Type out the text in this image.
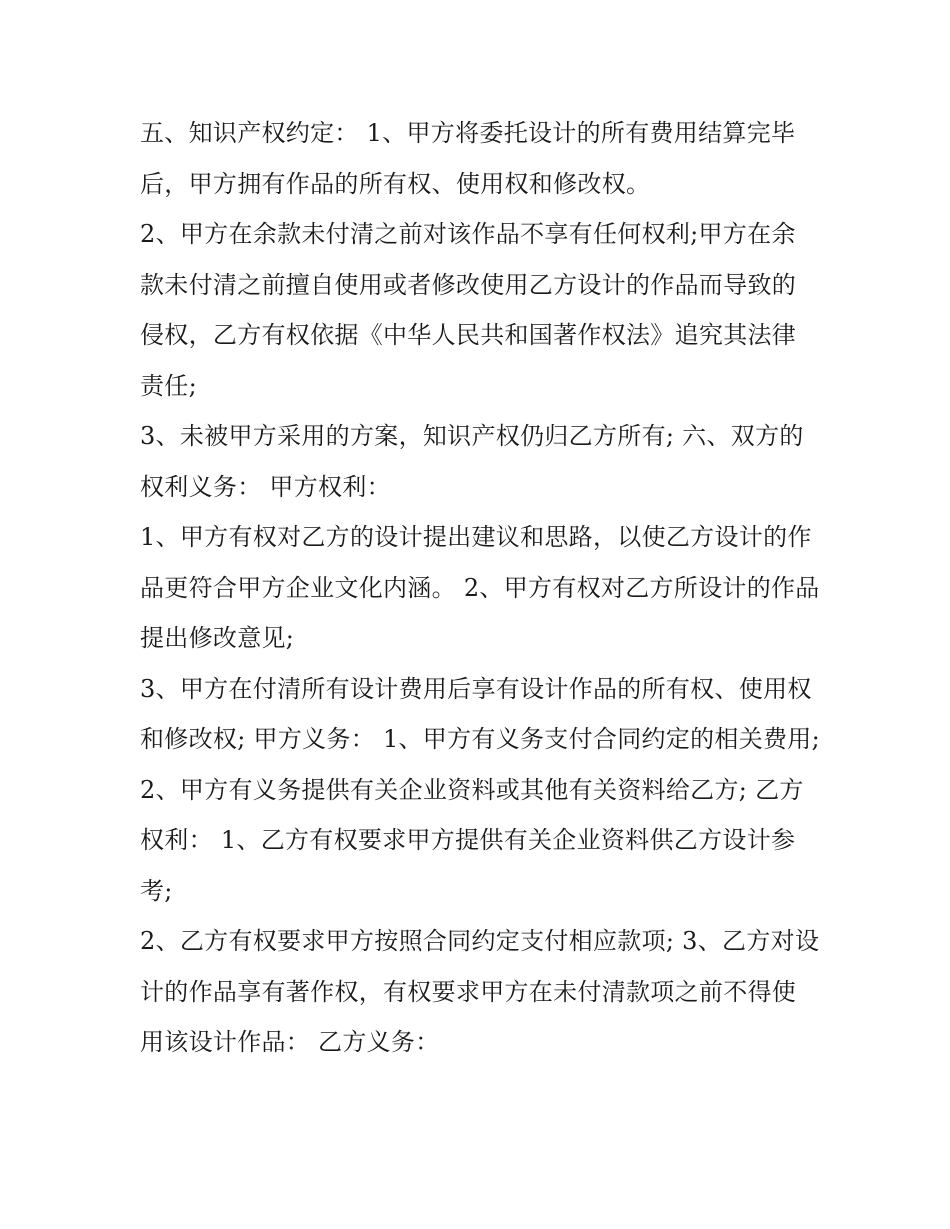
五、知识产权约定： 1、甲方将委托设计的所有费用结算完毕后，甲方拥有作品的所有权、使用权和修改权。

2、甲方在余款未付清之前对该作品不享有任何权利;甲方在余款未付清之前擅自使用或者修改使用乙方设计的作品而导致的侵权，乙方有权依据《中华人民共和国著作权法》追究其法律责任;

3、未被甲方采用的方案，知识产权仍归乙方所有; 六、双方的权利义务： 甲方权利：

1、甲方有权对乙方的设计提出建议和思路，以使乙方设计的作品更符合甲方企业文化内涵。 2、甲方有权对乙方所设计的作品提出修改意见;

3、甲方在付清所有设计费用后享有设计作品的所有权、使用权和修改权; 甲方义务： 1、甲方有义务支付合同约定的相关费用;

2、甲方有义务提供有关企业资料或其他有关资料给乙方; 乙方权利： 1、乙方有权要求甲方提供有关企业资料供乙方设计参考;

2、乙方有权要求甲方按照合同约定支付相应款项; 3、乙方对设计的作品享有著作权，有权要求甲方在未付清款项之前不得使用该设计作品： 乙方义务：
